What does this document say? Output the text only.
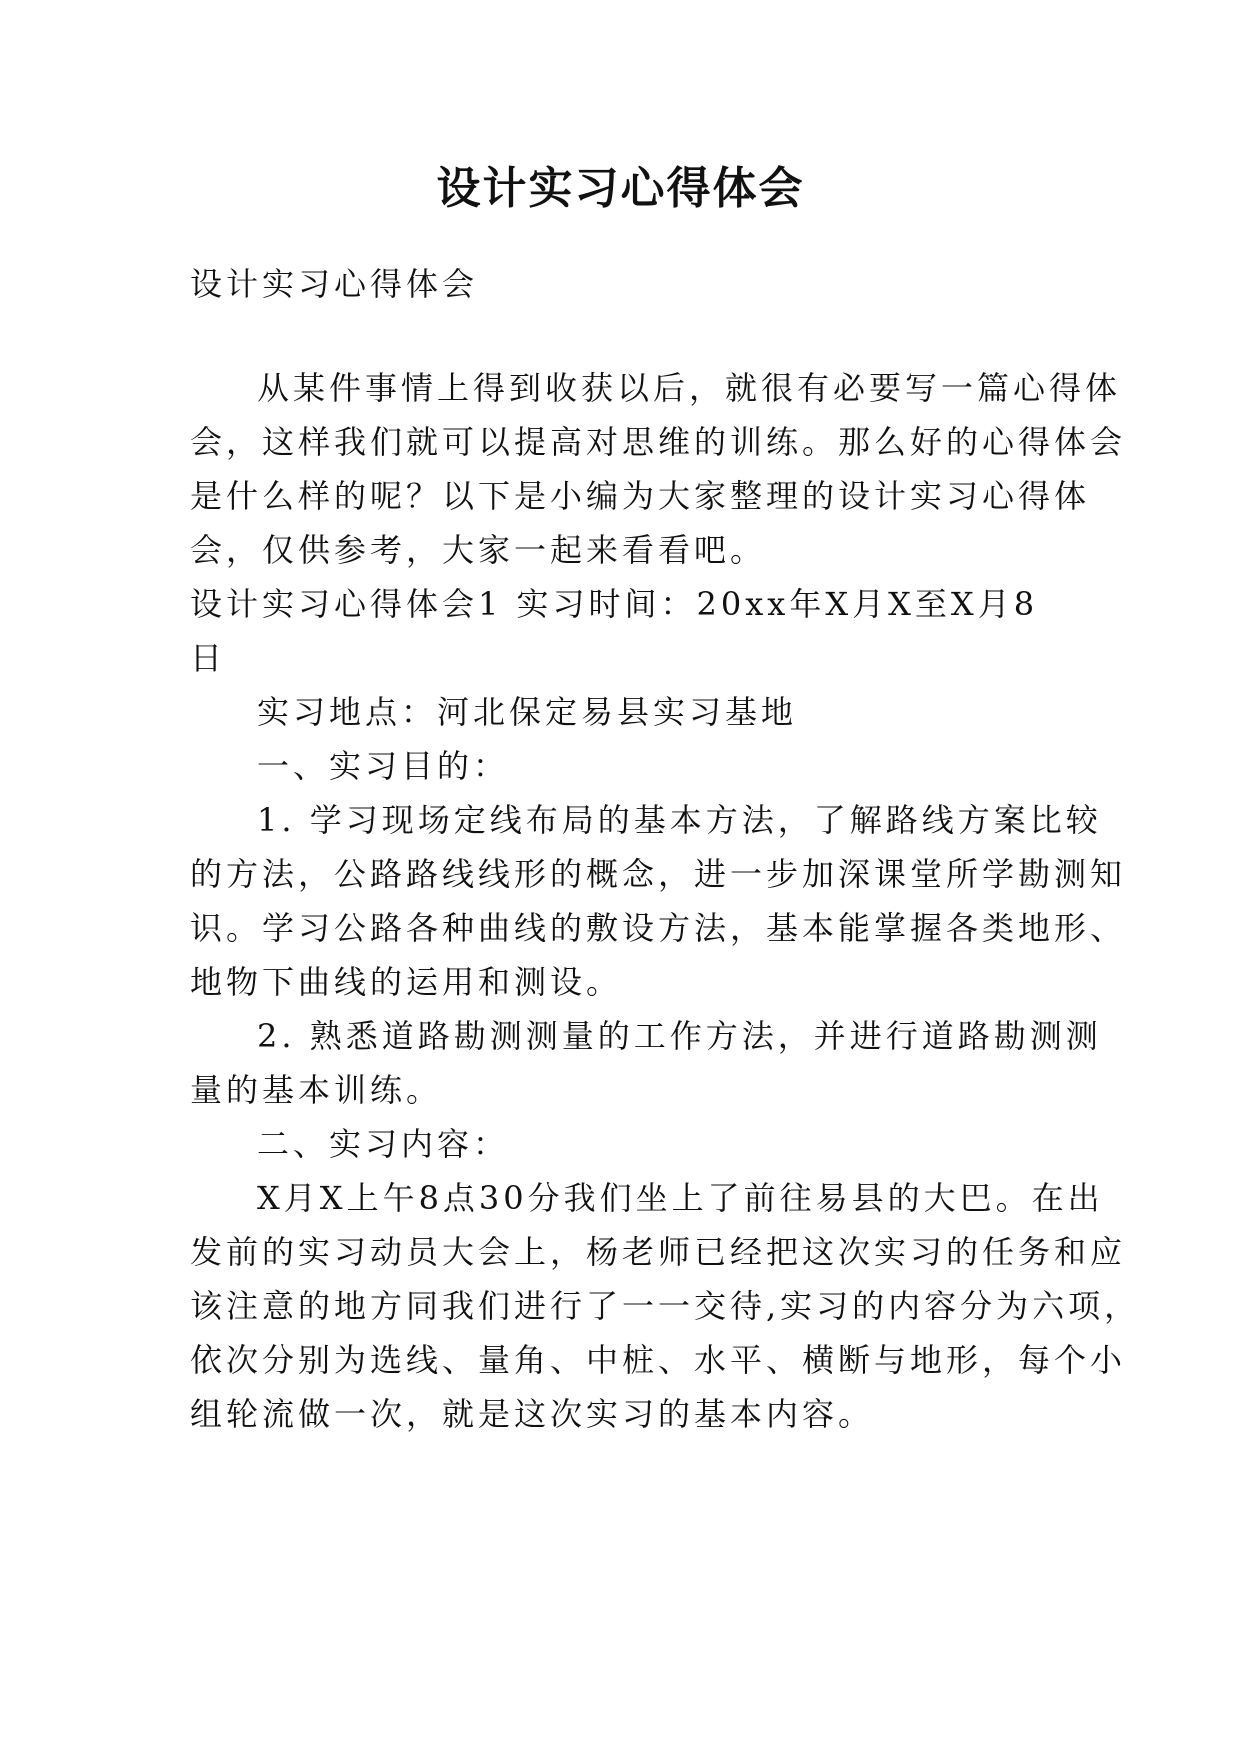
设计实习心得体会
设计实习心得体会
从某件事情上得到收获以后，就很有必要写一篇心得体
会，这样我们就可以提高对思维的训练。那么好的心得体会
是什么样的呢？以下是小编为大家整理的设计实习心得体
会，仅供参考，大家一起来看看吧。
设计实习心得体会1 实习时间：20xx年X月X至X月8
日
实习地点：河北保定易县实习基地
一、实习目的：
1. 学习现场定线布局的基本方法，了解路线方案比较
的方法，公路路线线形的概念，进一步加深课堂所学勘测知
识。学习公路各种曲线的敷设方法，基本能掌握各类地形、
地物下曲线的运用和测设。
2. 熟悉道路勘测测量的工作方法，并进行道路勘测测
量的基本训练。
二、实习内容：
X月X上午8点30分我们坐上了前往易县的大巴。在出
发前的实习动员大会上，杨老师已经把这次实习的任务和应
该注意的地方同我们进行了一一交待,实习的内容分为六项，
依次分别为选线、量角、中桩、水平、横断与地形，每个小
组轮流做一次，就是这次实习的基本内容。
